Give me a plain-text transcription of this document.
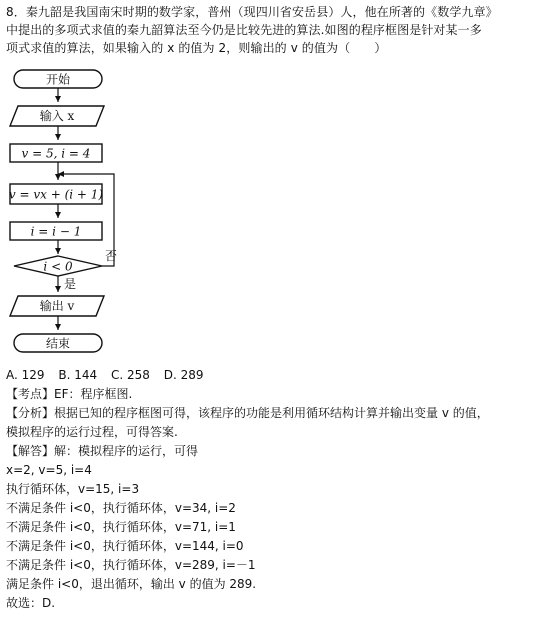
8．秦九韶是我国南宋时期的数学家，普州（现四川省安岳县）人，他在所著的《数学九章》
中提出的多项式求值的秦九韶算法至今仍是比较先进的算法.如图的程序框图是针对某一多
项式求值的算法，如果输入的 x 的值为 2，则输出的 v 的值为（　　）
开始
输入 x
v = 5, i = 4
v = vx + (i + 1)
i = i − 1
i < 0
否
是
输出 v
结束
A. 129 B. 144 C. 258 D. 289
【考点】EF：程序框图.
【分析】根据已知的程序框图可得，该程序的功能是利用循环结构计算并输出变量 v 的值，
模拟程序的运行过程，可得答案.
【解答】解：模拟程序的运行，可得
x=2, v=5, i=4
执行循环体，v=15, i=3
不满足条件 i<0，执行循环体，v=34, i=2
不满足条件 i<0，执行循环体，v=71, i=1
不满足条件 i<0，执行循环体，v=144, i=0
不满足条件 i<0，执行循环体，v=289, i=－1
满足条件 i<0，退出循环，输出 v 的值为 289.
故选：D.
